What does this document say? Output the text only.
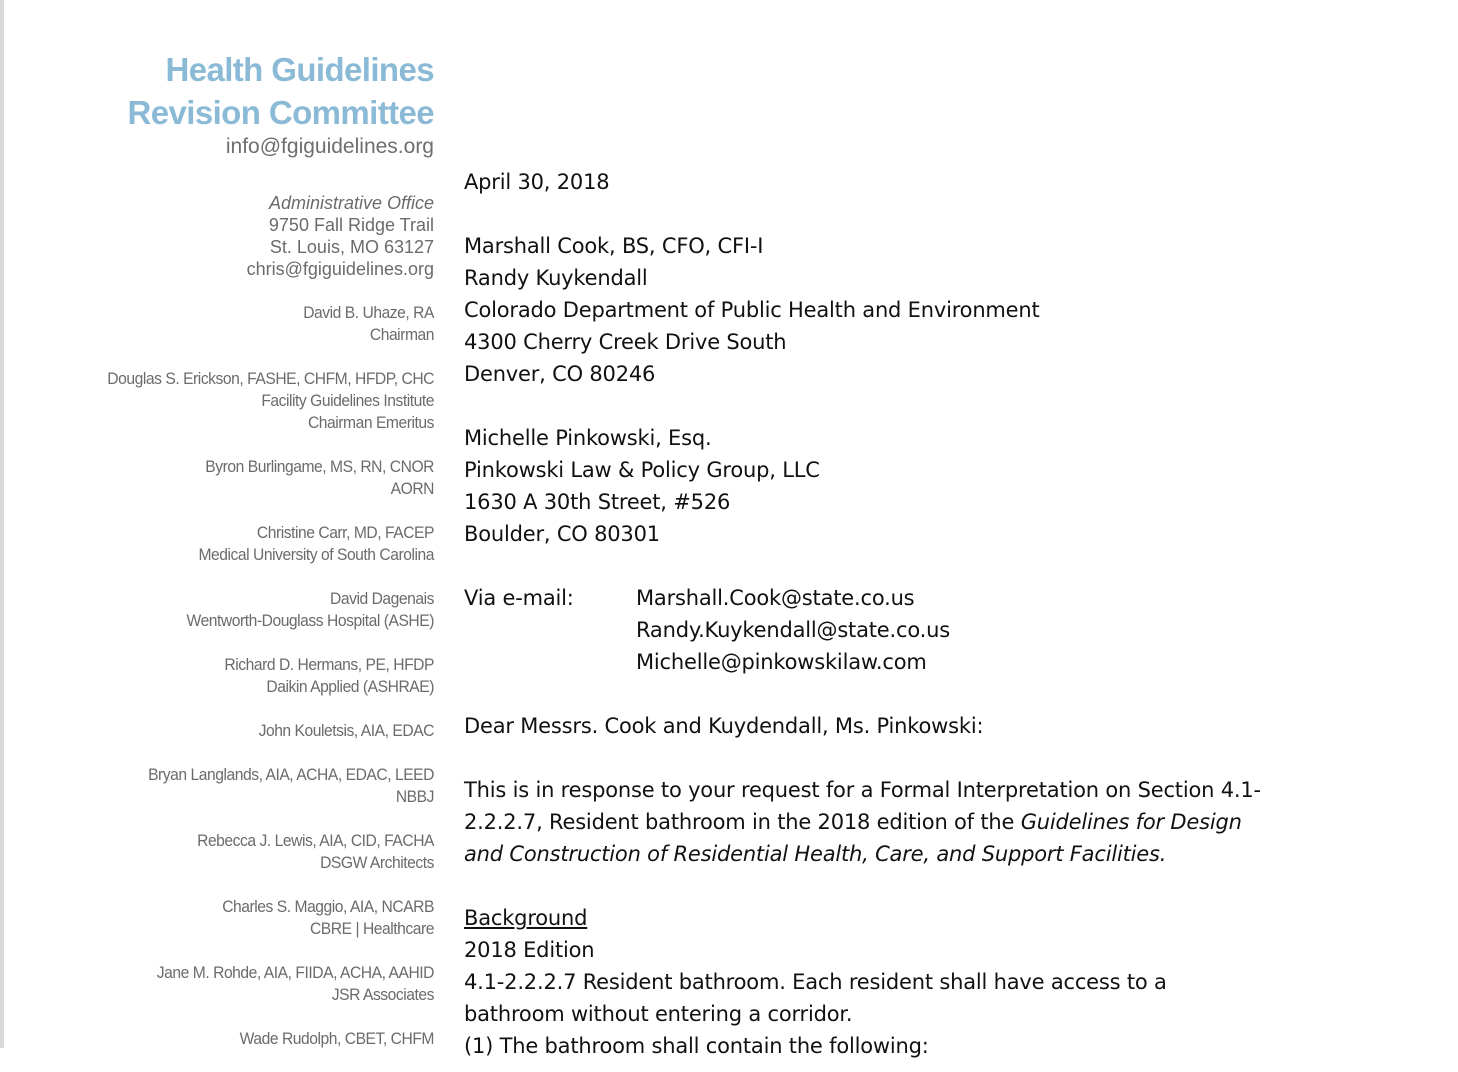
Health Guidelines
Revision Committee
info@fgiguidelines.org
Administrative Office
9750 Fall Ridge Trail
St. Louis, MO 63127
chris@fgiguidelines.org
David B. Uhaze, RA
Chairman
Douglas S. Erickson, FASHE, CHFM, HFDP, CHC
Facility Guidelines Institute
Chairman Emeritus
Byron Burlingame, MS, RN, CNOR
AORN
Christine Carr, MD, FACEP
Medical University of South Carolina
David Dagenais
Wentworth-Douglass Hospital (ASHE)
Richard D. Hermans, PE, HFDP
Daikin Applied (ASHRAE)
John Kouletsis, AIA, EDAC
Bryan Langlands, AIA, ACHA, EDAC, LEED
NBBJ
Rebecca J. Lewis, AIA, CID, FACHA
DSGW Architects
Charles S. Maggio, AIA, NCARB
CBRE | Healthcare
Jane M. Rohde, AIA, FIIDA, ACHA, AAHID
JSR Associates
Wade Rudolph, CBET, CHFM
April 30, 2018
Marshall Cook, BS, CFO, CFI-I
Randy Kuykendall
Colorado Department of Public Health and Environment
4300 Cherry Creek Drive South
Denver, CO 80246
Michelle Pinkowski, Esq.
Pinkowski Law & Policy Group, LLC
1630 A 30th Street, #526
Boulder, CO 80301
Via e-mail:	Marshall.Cook@state.co.us
Randy.Kuykendall@state.co.us
Michelle@pinkowskilaw.com
Dear Messrs. Cook and Kuydendall, Ms. Pinkowski:
This is in response to your request for a Formal Interpretation on Section 4.1-
2.2.2.7, Resident bathroom in the 2018 edition of the Guidelines for Design
and Construction of Residential Health, Care, and Support Facilities.
Background
2018 Edition
4.1-2.2.2.7 Resident bathroom. Each resident shall have access to a
bathroom without entering a corridor.
(1) The bathroom shall contain the following:
